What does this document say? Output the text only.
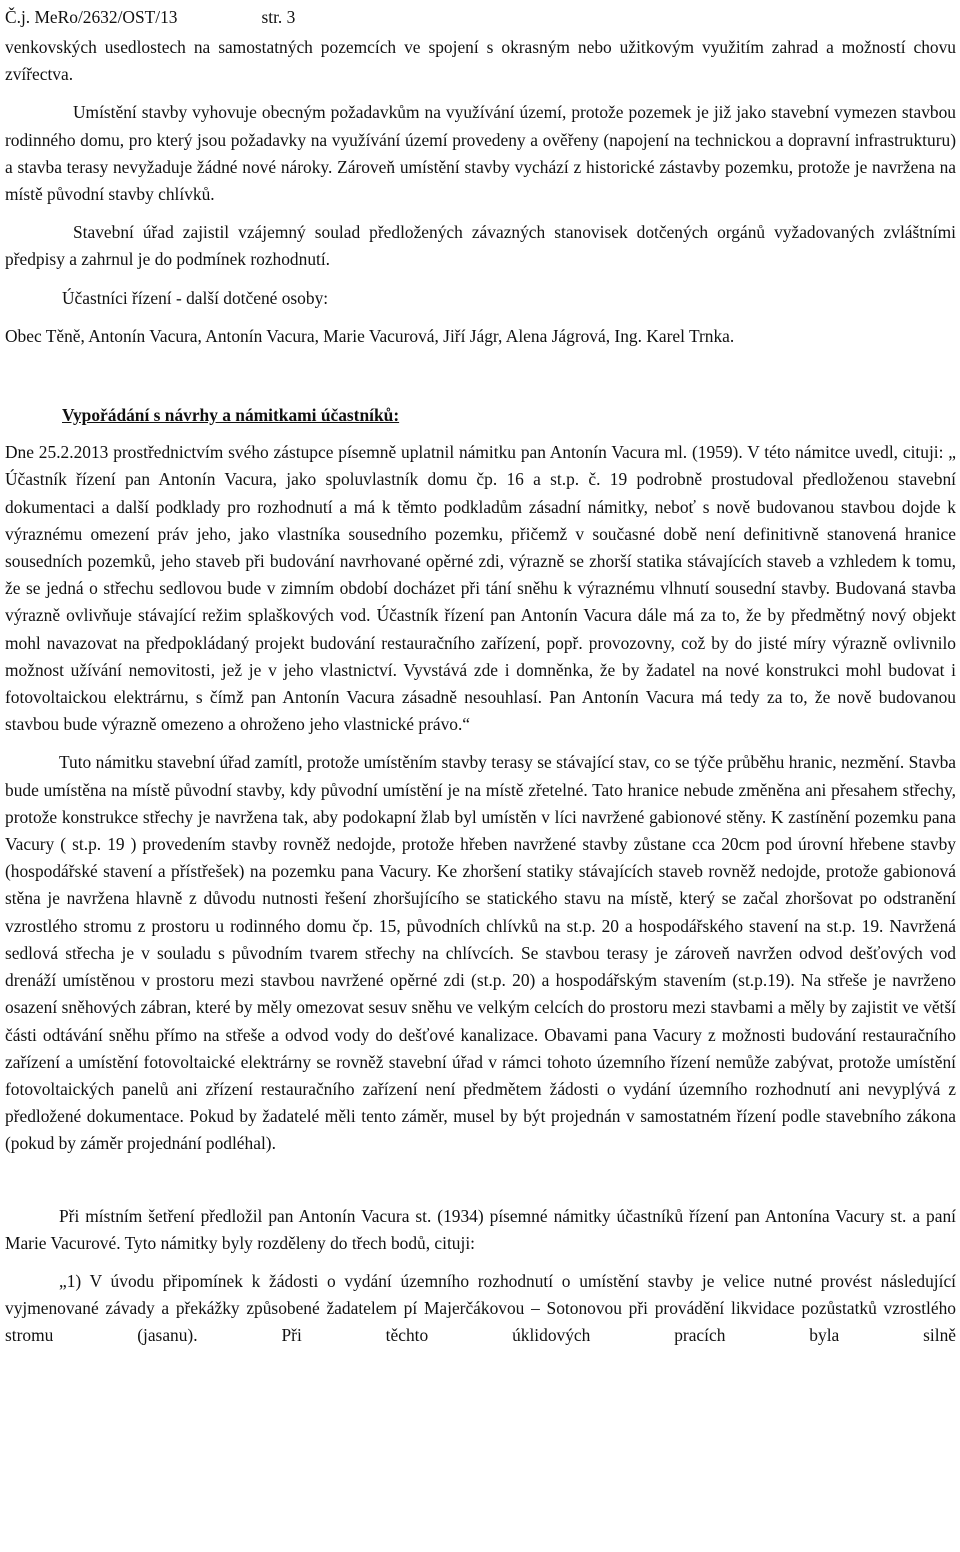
Č.j. MeRo/2632/OST/13	str. 3

venkovských usedlostech na samostatných pozemcích ve spojení s okrasným nebo užitkovým využitím zahrad a možností chovu zvířectva.

Umístění stavby vyhovuje obecným požadavkům na využívání území, protože pozemek je již jako stavební vymezen stavbou rodinného domu, pro který jsou požadavky na využívání území provedeny a ověřeny (napojení na technickou a dopravní infrastrukturu) a stavba terasy nevyžaduje žádné nové nároky. Zároveň umístění stavby vychází z historické zástavby pozemku, protože je navržena na místě původní stavby chlívků.

Stavební úřad zajistil vzájemný soulad předložených závazných stanovisek dotčených orgánů vyžadovaných zvláštními předpisy a zahrnul je do podmínek rozhodnutí.

Účastníci řízení - další dotčené osoby:

Obec Těně, Antonín Vacura, Antonín Vacura, Marie Vacurová, Jiří Jágr, Alena Jágrová, Ing. Karel Trnka.

Vypořádání s návrhy a námitkami účastníků:

Dne 25.2.2013 prostřednictvím svého zástupce písemně uplatnil námitku pan Antonín Vacura ml. (1959). V této námitce uvedl, cituji: „ Účastník řízení pan Antonín Vacura, jako spoluvlastník domu čp. 16 a st.p. č. 19 podrobně prostudoval předloženou stavební dokumentaci a další podklady pro rozhodnutí a má k těmto podkladům zásadní námitky, neboť s nově budovanou stavbou dojde k výraznému omezení práv jeho, jako vlastníka sousedního pozemku, přičemž v současné době není definitivně stanovená hranice sousedních pozemků, jeho staveb při budování navrhované opěrné zdi, výrazně se zhorší statika stávajících staveb a vzhledem k tomu, že se jedná o střechu sedlovou bude v zimním období docházet při tání sněhu k výraznému vlhnutí sousední stavby. Budovaná stavba výrazně ovlivňuje stávající režim splaškových vod. Účastník řízení pan Antonín Vacura dále má za to, že by předmětný nový objekt mohl navazovat na předpokládaný projekt budování restauračního zařízení, popř. provozovny, což by do jisté míry výrazně ovlivnilo možnost užívání nemovitosti, jež je v jeho vlastnictví. Vyvstává zde i domněnka, že by žadatel na nové konstrukci mohl budovat i fotovoltaickou elektrárnu, s čímž pan Antonín Vacura zásadně nesouhlasí. Pan Antonín Vacura má tedy za to, že nově budovanou stavbou bude výrazně omezeno a ohroženo jeho vlastnické právo.“

Tuto námitku stavební úřad zamítl, protože umístěním stavby terasy se stávající stav, co se týče průběhu hranic, nezmění. Stavba bude umístěna na místě původní stavby, kdy původní umístění je na místě zřetelné. Tato hranice nebude změněna ani přesahem střechy, protože konstrukce střechy je navržena tak, aby podokapní žlab byl umístěn v líci navržené gabionové stěny. K zastínění pozemku pana Vacury ( st.p. 19 ) provedením stavby rovněž nedojde, protože hřeben navržené stavby zůstane cca 20cm pod úrovní hřebene stavby (hospodářské stavení a přístřešek) na pozemku pana Vacury. Ke zhoršení statiky stávajících staveb rovněž nedojde, protože gabionová stěna je navržena hlavně z důvodu nutnosti řešení zhoršujícího se statického stavu na místě, který se začal zhoršovat po odstranění vzrostlého stromu z prostoru u rodinného domu čp. 15, původních chlívků na st.p. 20 a hospodářského stavení na st.p. 19. Navržená sedlová střecha je v souladu s původním tvarem střechy na chlívcích. Se stavbou terasy je zároveň navržen odvod dešťových vod drenáží umístěnou v prostoru mezi stavbou navržené opěrné zdi (st.p. 20) a hospodářským stavením (st.p.19). Na střeše je navrženo osazení sněhových zábran, které by měly omezovat sesuv sněhu ve velkým celcích do prostoru mezi stavbami a měly by zajistit ve větší části odtávání sněhu přímo na střeše a odvod vody do dešťové kanalizace. Obavami pana Vacury z možnosti budování restauračního zařízení a umístění fotovoltaické elektrárny se rovněž stavební úřad v rámci tohoto územního řízení nemůže zabývat, protože umístění fotovoltaických panelů ani zřízení restauračního zařízení není předmětem žádosti o vydání územního rozhodnutí ani nevyplývá z předložené dokumentace. Pokud by žadatelé měli tento záměr, musel by být projednán v samostatném řízení podle stavebního zákona (pokud by záměr projednání podléhal).

Při místním šetření předložil pan Antonín Vacura st. (1934) písemné námitky účastníků řízení pan Antonína Vacury st. a paní Marie Vacurové. Tyto námitky byly rozděleny do třech bodů, cituji:

„1) V úvodu připomínek k žádosti o vydání územního rozhodnutí o umístění stavby je velice nutné provést následující vyjmenované závady a překážky způsobené žadatelem pí Majerčákovou – Sotonovou při provádění likvidace pozůstatků vzrostlého stromu (jasanu). Při těchto úklidových pracích byla silně
